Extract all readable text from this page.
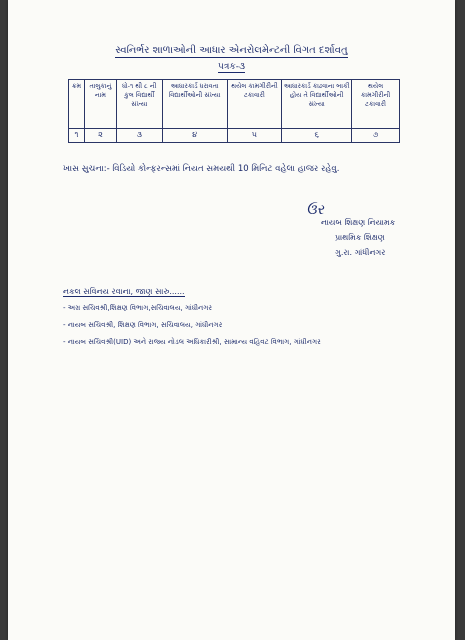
સ્વનિર્ભર શાળાઓની આધાર એનરોલમેન્ટની વિગત દર્શાવતુ
પત્રક-૩
ક્રમ	તાલુકાનું નામ	ધો-૧ થી ૮ ની કુલ વિદ્યાર્થી સંખ્યા	આધારકાર્ડ ધરાવતા વિદ્યાર્થીઓની સંખ્યા	થયેલ કામગીરીની ટકાવારી	આધારકાર્ડ કાઢવાના બાકી હોય તે વિદ્યાર્થીઓની સંખ્યા	થયેલ કામગીરીની ટકાવારી
૧	૨	૩	૪	૫	૬	૭
ખાસ સુચના:- વિડિયો કોન્ફરન્સમાં નિયત સમયથી 10 મિનિટ વહેલા હાજર રહેવુ.
ઉર
નાયબ શિક્ષણ નિયામક
પ્રાથમિક શિક્ષણ
ગુ.રા. ગાંધીનગર
નકલ સવિનય રવાના, જાણ સારુ......
- અગ્ર સચિવશ્રી,શિક્ષણ વિભાગ,સચિવાલય, ગાંધીનગર
- નાયબ સચિવશ્રી, શિક્ષણ વિભાગ, સચિવાલય, ગાંધીનગર
- નાયબ સચિવશ્રી(UID) અને રાજ્ય નોડલ અધિકારીશ્રી, સામાન્ય વહિવટ વિભાગ, ગાંધીનગર
